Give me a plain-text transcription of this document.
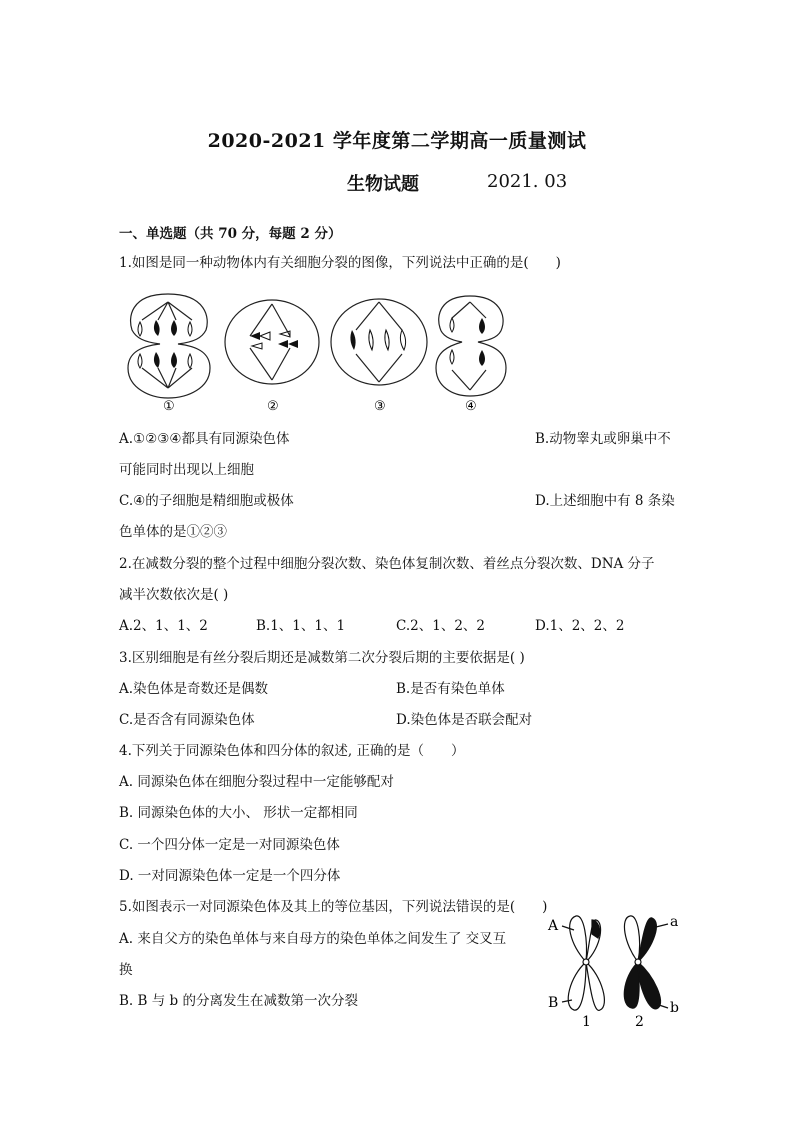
2020-2021 学年度第二学期高一质量测试
生物试题	2021. 03
一、单选题（共 70 分，每题 2 分）
1.如图是同一种动物体内有关细胞分裂的图像，下列说法中正确的是(　　)
①	②	③	④
A.①②③④都具有同源染色体	B.动物睾丸或卵巢中不
可能同时出现以上细胞
C.④的子细胞是精细胞或极体	D.上述细胞中有 8 条染
色单体的是①②③
2.在减数分裂的整个过程中细胞分裂次数、染色体复制次数、着丝点分裂次数、DNA 分子
减半次数依次是( )
A.2、1、1、2	B.1、1、1、1	C.2、1、2、2	D.1、2、2、2
3.区别细胞是有丝分裂后期还是减数第二次分裂后期的主要依据是( )
A.染色体是奇数还是偶数	B.是否有染色单体
C.是否含有同源染色体	D.染色体是否联会配对
4.下列关于同源染色体和四分体的叙述, 正确的是（　　）
A. 同源染色体在细胞分裂过程中一定能够配对
B. 同源染色体的大小、 形状一定都相同
C. 一个四分体一定是一对同源染色体
D. 一对同源染色体一定是一个四分体
5.如图表示一对同源染色体及其上的等位基因，下列说法错误的是(　　)
A. 来自父方的染色单体与来自母方的染色单体之间发生了 交叉互
换
B. B 与 b 的分离发生在减数第一次分裂
A
B
a
b
1	2
